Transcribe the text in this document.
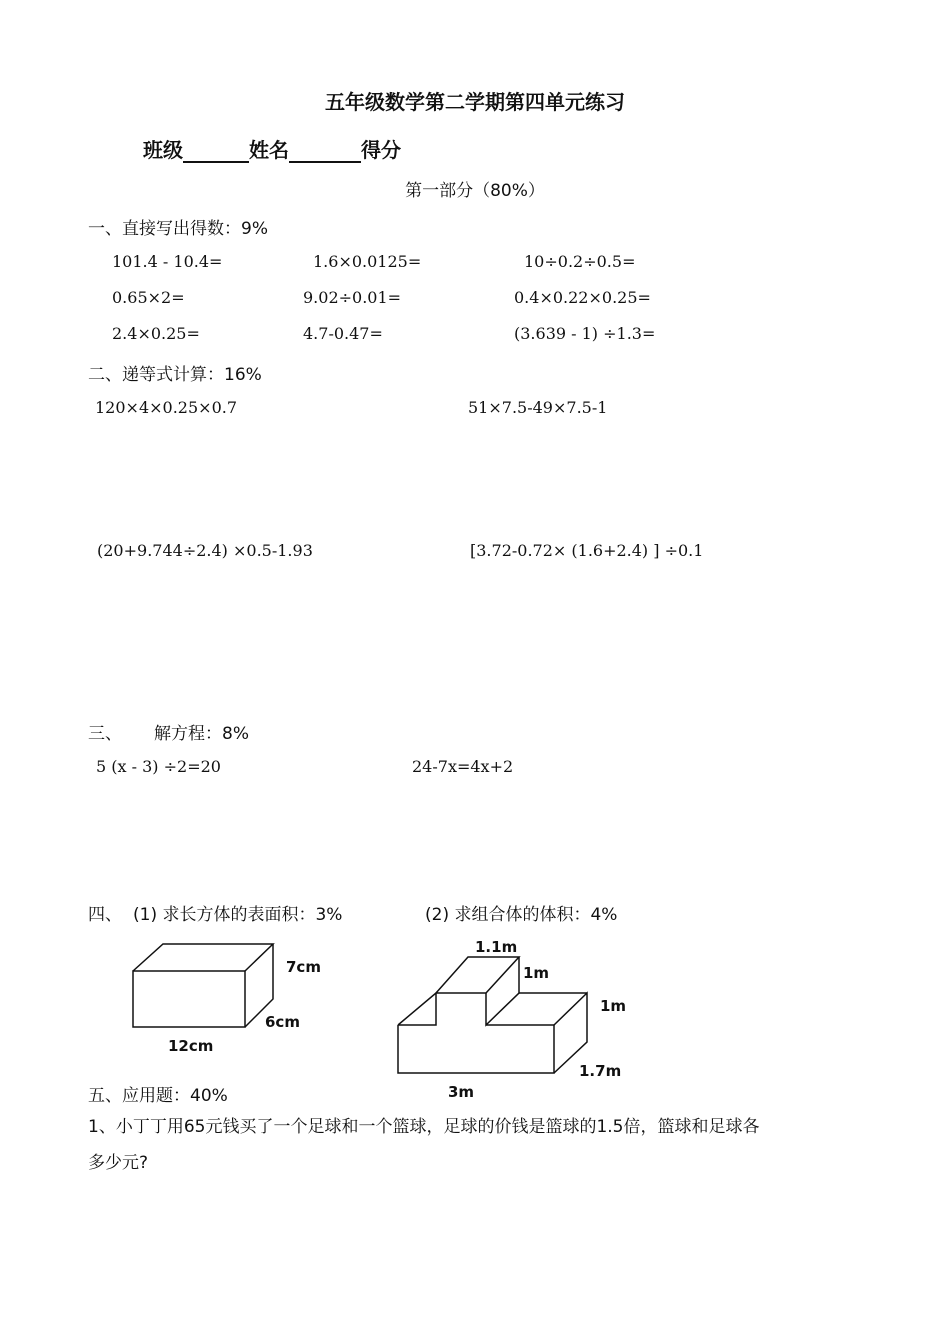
五年级数学第二学期第四单元练习
班级	姓名	得分
第一部分（80%）
一、直接写出得数：9%
101.4 - 10.4=	1.6×0.0125=	10÷0.2÷0.5=
0.65×2=	9.02÷0.01=	0.4×0.22×0.25=
2.4×0.25=	4.7-0.47=	(3.639 - 1) ÷1.3=
二、递等式计算：16%
120×4×0.25×0.7	51×7.5-49×7.5-1
(20+9.744÷2.4) ×0.5-1.93	[3.72-0.72× (1.6+2.4) ] ÷0.1
三、 解方程：8%
5 (x - 3) ÷2=20	24-7x=4x+2
四、 (1) 求长方体的表面积：3%	(2) 求组合体的体积：4%
7cm
6cm
12cm
1.1m
1m
1m
1.7m
3m
五、应用题：40%
1、小丁丁用65元钱买了一个足球和一个篮球，足球的价钱是篮球的1.5倍，篮球和足球各
多少元?
